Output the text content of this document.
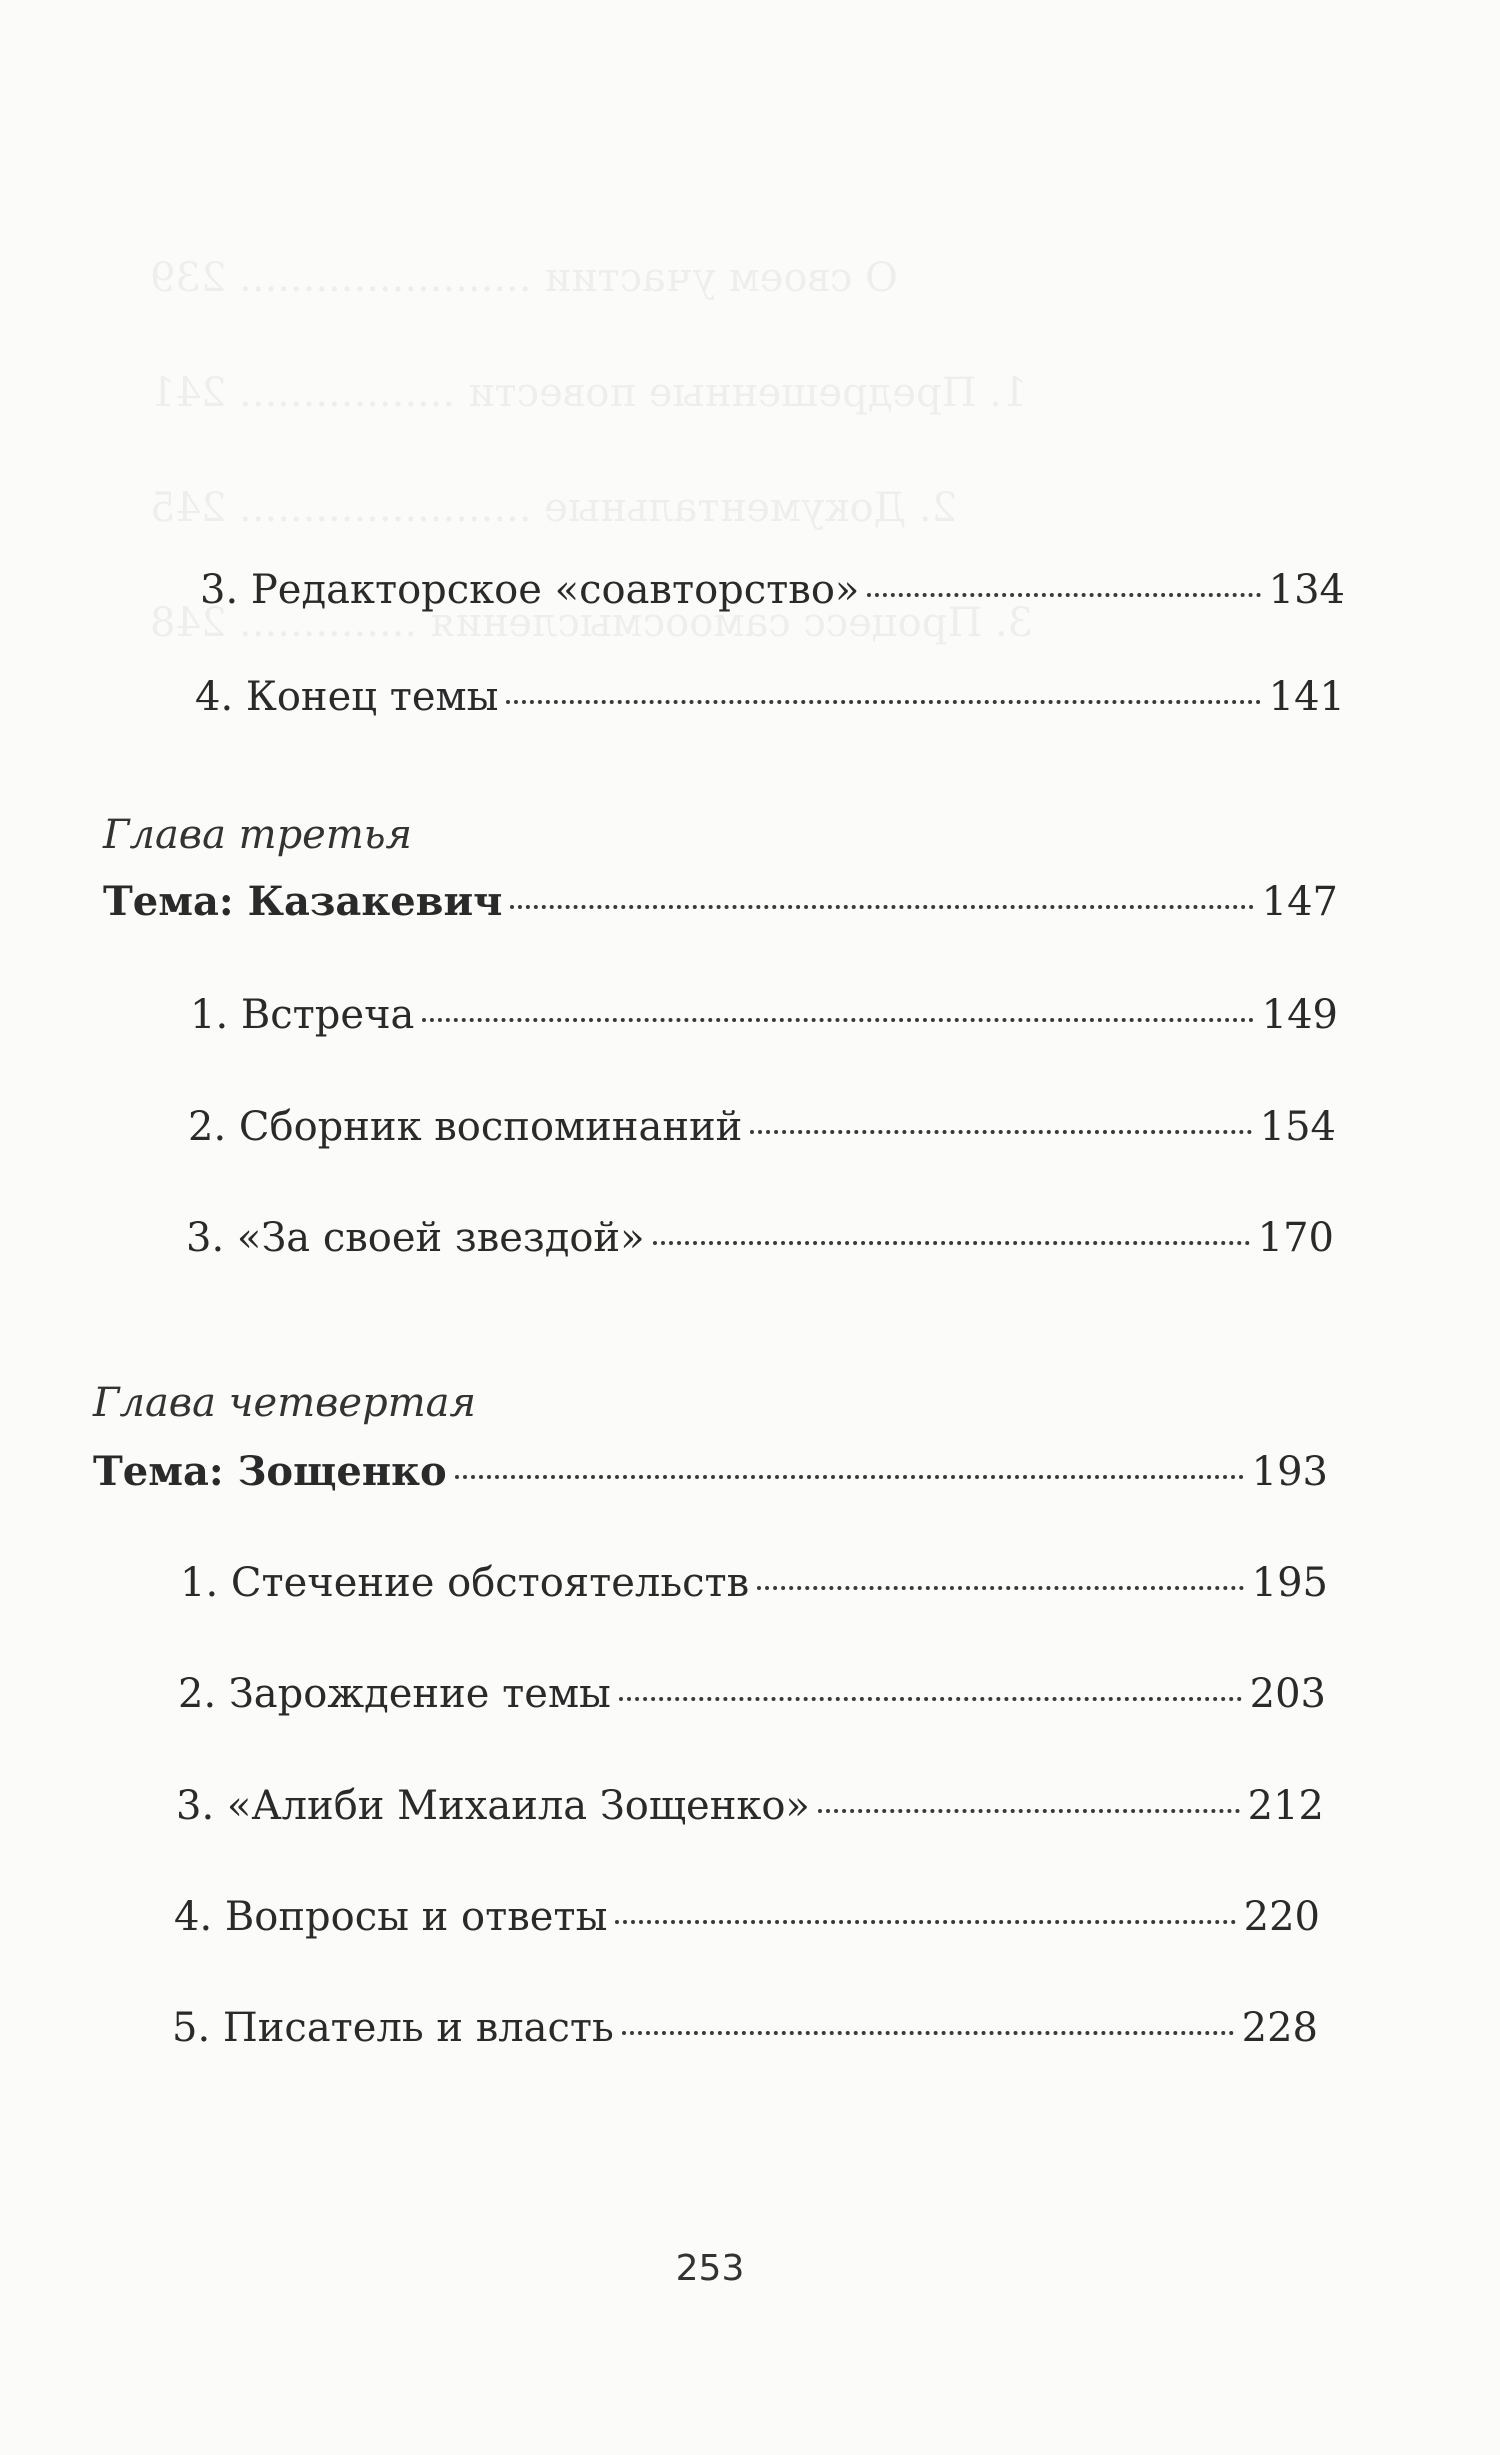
О своем участии ....................... 239
1. Предрешенные повести ................. 241
2. Документальные ....................... 245
3. Процесс самоосмысления .............. 248
3. Редакторское «соавторство»	134
4. Конец темы	141
Глава третья
Тема: Казакевич	147
1. Встреча	149
2. Сборник воспоминаний	154
3. «За своей звездой»	170
Глава четвертая
Тема: Зощенко	193
1. Стечение обстоятельств	195
2. Зарождение темы	203
3. «Алиби Михаила Зощенко»	212
4. Вопросы и ответы	220
5. Писатель и власть	228
253
